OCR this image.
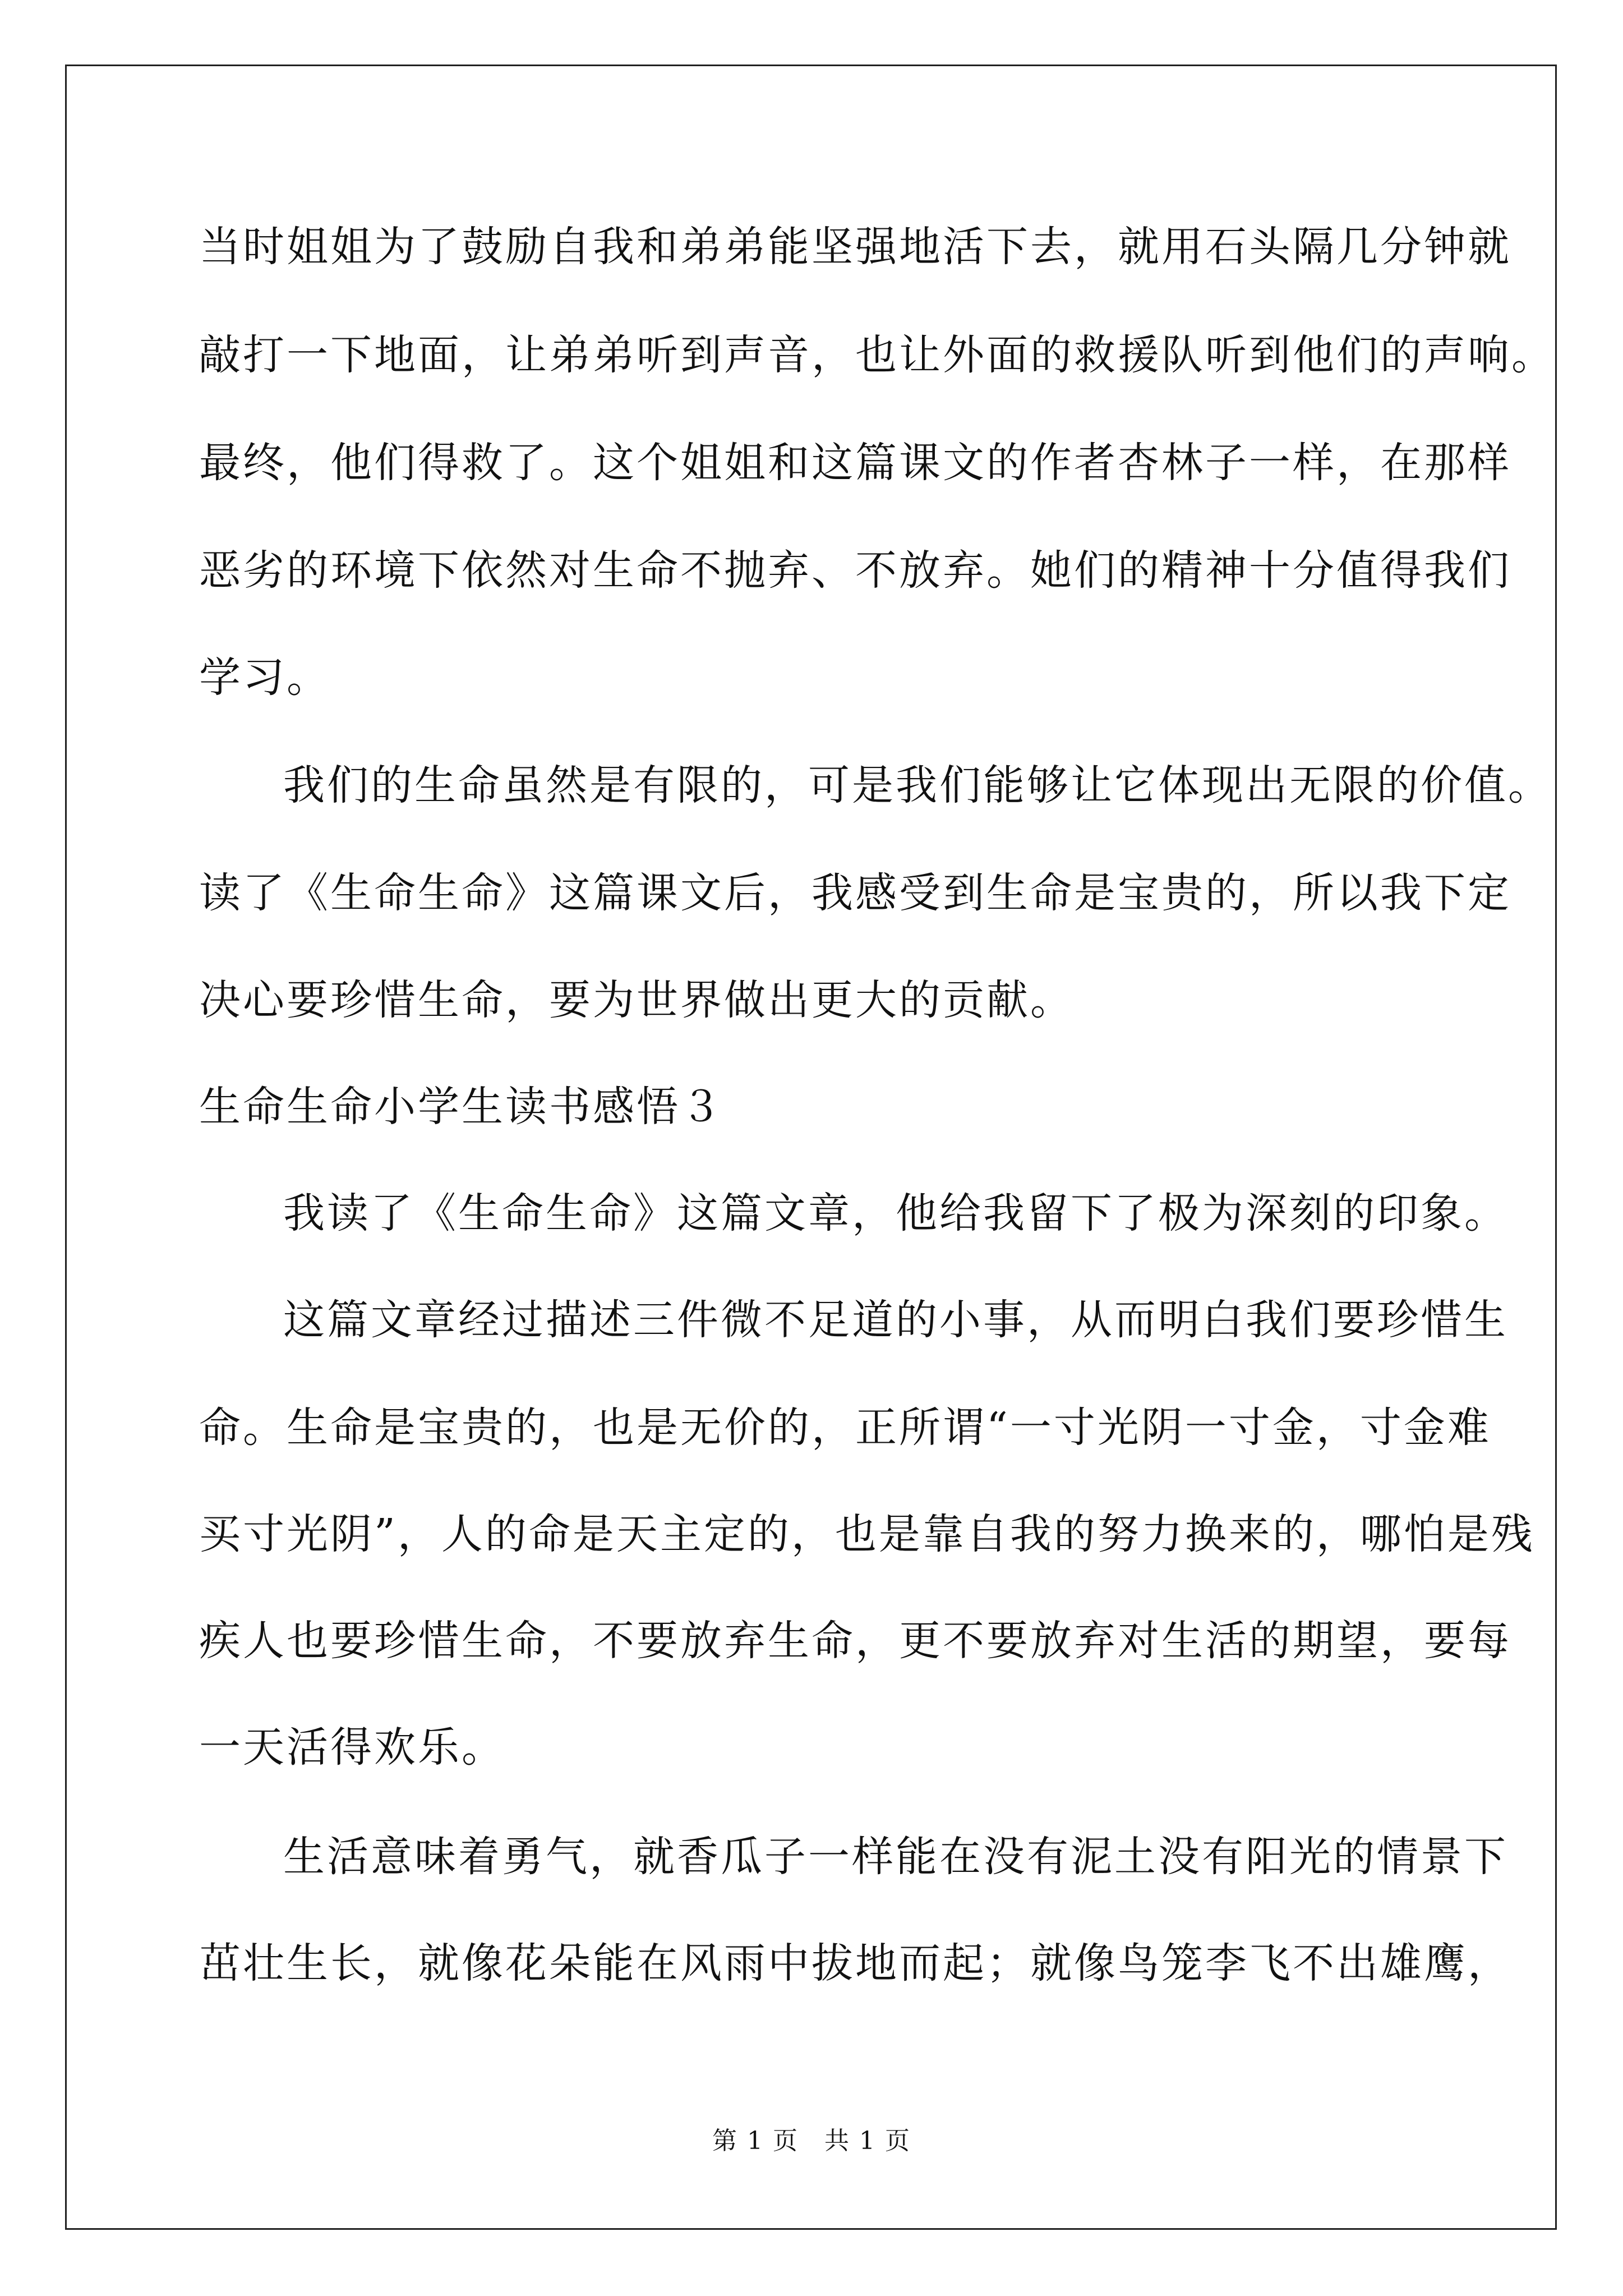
当时姐姐为了鼓励自我和弟弟能坚强地活下去，就用石头隔几分钟就
敲打一下地面，让弟弟听到声音，也让外面的救援队听到他们的声响。
最终，他们得救了。这个姐姐和这篇课文的作者杏林子一样，在那样
恶劣的环境下依然对生命不抛弃、不放弃。她们的精神十分值得我们
学习。
我们的生命虽然是有限的，可是我们能够让它体现出无限的价值。
读了《生命生命》这篇课文后，我感受到生命是宝贵的，所以我下定
决心要珍惜生命，要为世界做出更大的贡献。
生命生命小学生读书感悟３
我读了《生命生命》这篇文章，他给我留下了极为深刻的印象。
这篇文章经过描述三件微不足道的小事，从而明白我们要珍惜生
命。生命是宝贵的，也是无价的，正所谓“一寸光阴一寸金，寸金难
买寸光阴”，人的命是天主定的，也是靠自我的努力换来的，哪怕是残
疾人也要珍惜生命，不要放弃生命，更不要放弃对生活的期望，要每
一天活得欢乐。
生活意味着勇气，就香瓜子一样能在没有泥土没有阳光的情景下
茁壮生长，就像花朵能在风雨中拔地而起；就像鸟笼李飞不出雄鹰，
第 1 页　共 1 页
